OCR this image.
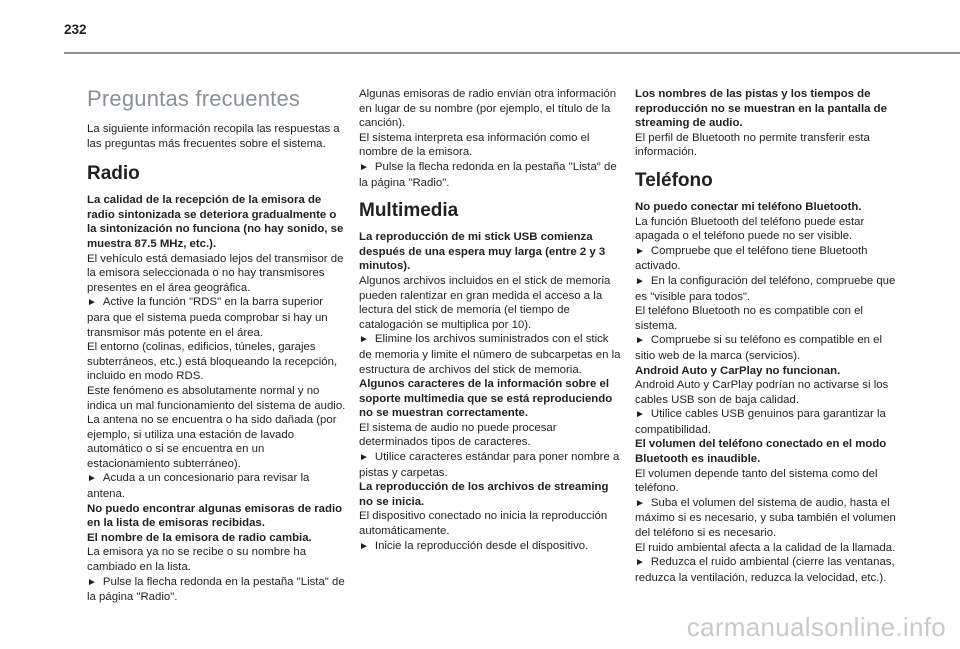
232
Preguntas frecuentes

La siguiente información recopila las respuestas a las preguntas más frecuentes sobre el sistema.

Radio

La calidad de la recepción de la emisora de radio sintonizada se deteriora gradualmente o la sintonización no funciona (no hay sonido, se muestra 87.5 MHz, etc.).

El vehículo está demasiado lejos del transmisor de la emisora seleccionada o no hay transmisores presentes en el área geográfica.

► Active la función "RDS" en la barra superior para que el sistema pueda comprobar si hay un transmisor más potente en el área.

El entorno (colinas, edificios, túneles, garajes subterráneos, etc.) está bloqueando la recepción, incluido en modo RDS.

Este fenómeno es absolutamente normal y no indica un mal funcionamiento del sistema de audio.

La antena no se encuentra o ha sido dañada (por ejemplo, si utiliza una estación de lavado automático o si se encuentra en un estacionamiento subterráneo).

► Acuda a un concesionario para revisar la antena.

No puedo encontrar algunas emisoras de radio en la lista de emisoras recibidas.

El nombre de la emisora de radio cambia.

La emisora ya no se recibe o su nombre ha cambiado en la lista.

► Pulse la flecha redonda en la pestaña "Lista" de la página "Radio".

Algunas emisoras de radio envían otra información en lugar de su nombre (por ejemplo, el título de la canción).

El sistema interpreta esa información como el nombre de la emisora.

► Pulse la flecha redonda en la pestaña "Lista" de la página "Radio".

Multimedia

La reproducción de mi stick USB comienza después de una espera muy larga (entre 2 y 3 minutos).

Algunos archivos incluidos en el stick de memoria pueden ralentizar en gran medida el acceso a la lectura del stick de memoria (el tiempo de catalogación se multiplica por 10).

► Elimine los archivos suministrados con el stick de memoria y limite el número de subcarpetas en la estructura de archivos del stick de memoria.

Algunos caracteres de la información sobre el soporte multimedia que se está reproduciendo no se muestran correctamente.

El sistema de audio no puede procesar determinados tipos de caracteres.

► Utilice caracteres estándar para poner nombre a pistas y carpetas.

La reproducción de los archivos de streaming no se inicia.

El dispositivo conectado no inicia la reproducción automáticamente.

► Inicie la reproducción desde el dispositivo.

Los nombres de las pistas y los tiempos de reproducción no se muestran en la pantalla de streaming de audio.

El perfil de Bluetooth no permite transferir esta información.

Teléfono

No puedo conectar mi teléfono Bluetooth.

La función Bluetooth del teléfono puede estar apagada o el teléfono puede no ser visible.

► Compruebe que el teléfono tiene Bluetooth activado.

► En la configuración del teléfono, compruebe que es "visible para todos".

El teléfono Bluetooth no es compatible con el sistema.

► Compruebe si su teléfono es compatible en el sitio web de la marca (servicios).

Android Auto y CarPlay no funcionan.

Android Auto y CarPlay podrían no activarse si los cables USB son de baja calidad.

► Utilice cables USB genuinos para garantizar la compatibilidad.

El volumen del teléfono conectado en el modo Bluetooth es inaudible.

El volumen depende tanto del sistema como del teléfono.

► Suba el volumen del sistema de audio, hasta el máximo si es necesario, y suba también el volumen del teléfono si es necesario.

El ruido ambiental afecta a la calidad de la llamada.

► Reduzca el ruido ambiental (cierre las ventanas, reduzca la ventilación, reduzca la velocidad, etc.).

carmanualsonline.info
